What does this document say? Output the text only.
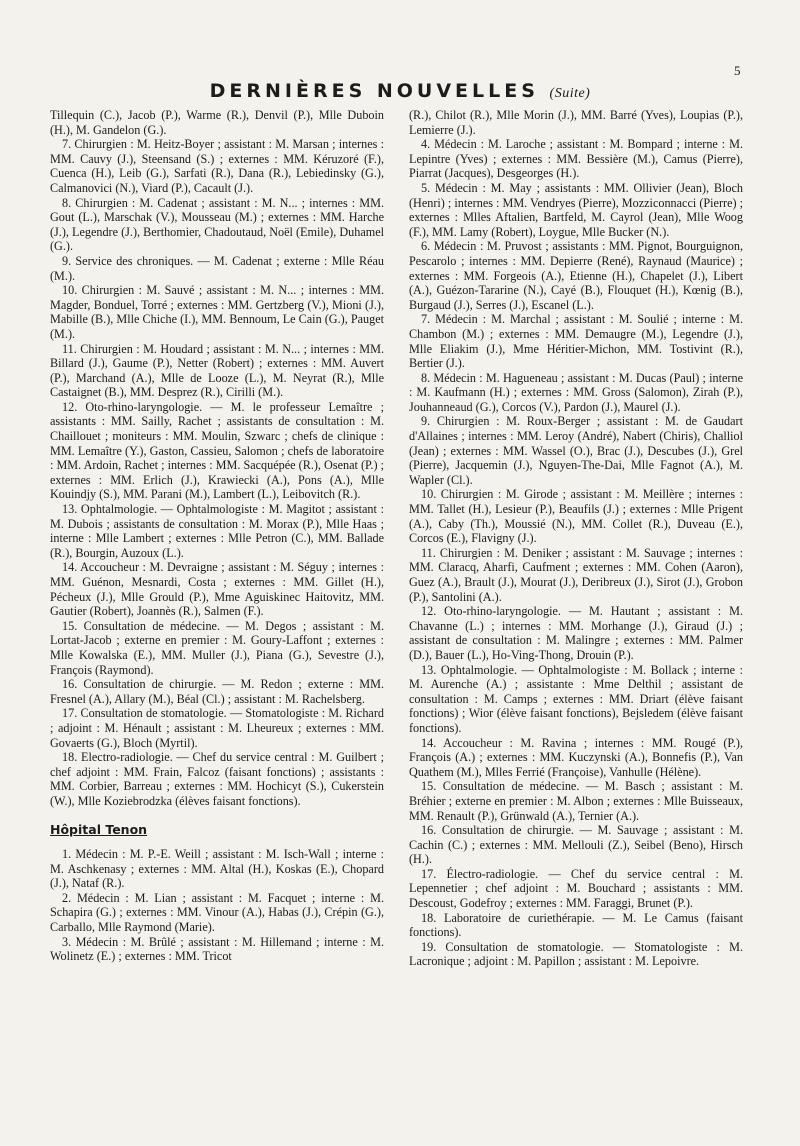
5
DERNIÈRES NOUVELLES (Suite)

Tillequin (C.), Jacob (P.), Warme (R.), Denvil (P.), Mlle Duboin (H.), M. Gandelon (G.).

7. Chirurgien : M. Heitz-Boyer ; assistant : M. Marsan ; internes : MM. Cauvy (J.), Steensand (S.) ; externes : MM. Kéruzoré (F.), Cuenca (H.), Leib (G.), Sarfati (R.), Dana (R.), Lebiedinsky (G.), Calmanovici (N.), Viard (P.), Cacault (J.).

8. Chirurgien : M. Cadenat ; assistant : M. N... ; internes : MM. Gout (L.), Marschak (V.), Mousseau (M.) ; externes : MM. Harche (J.), Legendre (J.), Berthomier, Chadoutaud, Noël (Emile), Duhamel (G.).

9. Service des chroniques. — M. Cadenat ; externe : Mlle Réau (M.).

10. Chirurgien : M. Sauvé ; assistant : M. N... ; internes : MM. Magder, Bonduel, Torré ; externes : MM. Gertzberg (V.), Mioni (J.), Mabille (B.), Mlle Chiche (I.), MM. Bennoum, Le Cain (G.), Pauget (M.).

11. Chirurgien : M. Houdard ; assistant : M. N... ; internes : MM. Billard (J.), Gaume (P.), Netter (Robert) ; externes : MM. Auvert (P.), Marchand (A.), Mlle de Looze (L.), M. Neyrat (R.), Mlle Castaignet (B.), MM. Desprez (R.), Cirilli (M.).

12. Oto-rhino-laryngologie. — M. le professeur Lemaître ; assistants : MM. Sailly, Rachet ; assistants de consultation : M. Chaillouet ; moniteurs : MM. Moulin, Szwarc ; chefs de clinique : MM. Lemaître (Y.), Gaston, Cassieu, Salomon ; chefs de laboratoire : MM. Ardoin, Rachet ; internes : MM. Sacquépée (R.), Osenat (P.) ; externes : MM. Erlich (J.), Krawiecki (A.), Pons (A.), Mlle Kouindjy (S.), MM. Parani (M.), Lambert (L.), Leibovitch (R.).

13. Ophtalmologie. — Ophtalmologiste : M. Magitot ; assistant : M. Dubois ; assistants de consultation : M. Morax (P.), Mlle Haas ; interne : Mlle Lambert ; externes : Mlle Petron (C.), MM. Ballade (R.), Bourgin, Auzoux (L.).

14. Accoucheur : M. Devraigne ; assistant : M. Séguy ; internes : MM. Guénon, Mesnardi, Costa ; externes : MM. Gillet (H.), Pécheux (J.), Mlle Grould (P.), Mme Aguiskinec Haitovitz, MM. Gautier (Robert), Joannès (R.), Salmen (F.).

15. Consultation de médecine. — M. Degos ; assistant : M. Lortat-Jacob ; externe en premier : M. Goury-Laffont ; externes : Mlle Kowalska (E.), MM. Muller (J.), Piana (G.), Sevestre (J.), François (Raymond).

16. Consultation de chirurgie. — M. Redon ; externe : MM. Fresnel (A.), Allary (M.), Béal (Cl.) ; assistant : M. Rachelsberg.

17. Consultation de stomatologie. — Stomatologiste : M. Richard ; adjoint : M. Hénault ; assistant : M. Lheureux ; externes : MM. Govaerts (G.), Bloch (Myrtil).

18. Electro-radiologie. — Chef du service central : M. Guilbert ; chef adjoint : MM. Frain, Falcoz (faisant fonctions) ; assistants : MM. Corbier, Barreau ; externes : MM. Hochicyt (S.), Cukerstein (W.), Mlle Koziebrodzka (élèves faisant fonctions).

Hôpital Tenon

1. Médecin : M. P.-E. Weill ; assistant : M. Isch-Wall ; interne : M. Aschkenasy ; externes : MM. Altal (H.), Koskas (E.), Chopard (J.), Nataf (R.).

2. Médecin : M. Lian ; assistant : M. Facquet ; interne : M. Schapira (G.) ; externes : MM. Vinour (A.), Habas (J.), Crépin (G.), Carballo, Mlle Raymond (Marie).

3. Médecin : M. Brûlé ; assistant : M. Hillemand ; interne : M. Wolinetz (E.) ; externes : MM. Tricot

(R.), Chilot (R.), Mlle Morin (J.), MM. Barré (Yves), Loupias (P.), Lemierre (J.).

4. Médecin : M. Laroche ; assistant : M. Bompard ; interne : M. Lepintre (Yves) ; externes : MM. Bessière (M.), Camus (Pierre), Piarrat (Jacques), Desgeorges (H.).

5. Médecin : M. May ; assistants : MM. Ollivier (Jean), Bloch (Henri) ; internes : MM. Vendryes (Pierre), Mozziconnacci (Pierre) ; externes : Mlles Aftalien, Bartfeld, M. Cayrol (Jean), Mlle Woog (F.), MM. Lamy (Robert), Loygue, Mlle Bucker (N.).

6. Médecin : M. Pruvost ; assistants : MM. Pignot, Bourguignon, Pescarolo ; internes : MM. Depierre (René), Raynaud (Maurice) ; externes : MM. Forgeois (A.), Etienne (H.), Chapelet (J.), Libert (A.), Guézon-Tararine (N.), Cayé (B.), Flouquet (H.), Kœnig (B.), Burgaud (J.), Serres (J.), Escanel (L.).

7. Médecin : M. Marchal ; assistant : M. Soulié ; interne : M. Chambon (M.) ; externes : MM. Demaugre (M.), Legendre (J.), Mlle Eliakim (J.), Mme Héritier-Michon, MM. Tostivint (R.), Bertier (J.).

8. Médecin : M. Hagueneau ; assistant : M. Ducas (Paul) ; interne : M. Kaufmann (H.) ; externes : MM. Gross (Salomon), Zirah (P.), Jouhanneaud (G.), Corcos (V.), Pardon (J.), Maurel (J.).

9. Chirurgien : M. Roux-Berger ; assistant : M. de Gaudart d'Allaines ; internes : MM. Leroy (André), Nabert (Chiris), Challiol (Jean) ; externes : MM. Wassel (O.), Brac (J.), Descubes (J.), Grel (Pierre), Jacquemin (J.), Nguyen-The-Dai, Mlle Fagnot (A.), M. Wapler (Cl.).

10. Chirurgien : M. Girode ; assistant : M. Meillère ; internes : MM. Tallet (H.), Lesieur (P.), Beaufils (J.) ; externes : Mlle Prigent (A.), Caby (Th.), Moussié (N.), MM. Collet (R.), Duveau (E.), Corcos (E.), Flavigny (J.).

11. Chirurgien : M. Deniker ; assistant : M. Sauvage ; internes : MM. Claracq, Aharfi, Caufment ; externes : MM. Cohen (Aaron), Guez (A.), Brault (J.), Mourat (J.), Deribreux (J.), Sirot (J.), Grobon (P.), Santolini (A.).

12. Oto-rhino-laryngologie. — M. Hautant ; assistant : M. Chavanne (L.) ; internes : MM. Morhange (J.), Giraud (J.) ; assistant de consultation : M. Malingre ; externes : MM. Palmer (D.), Bauer (L.), Ho-Ving-Thong, Drouin (P.).

13. Ophtalmologie. — Ophtalmologiste : M. Bollack ; interne : M. Aurenche (A.) ; assistante : Mme Delthil ; assistant de consultation : M. Camps ; externes : MM. Driart (élève faisant fonctions) ; Wior (élève faisant fonctions), Bejsledem (élève faisant fonctions).

14. Accoucheur : M. Ravina ; internes : MM. Rougé (P.), François (A.) ; externes : MM. Kuczynski (A.), Bonnefis (P.), Van Quathem (M.), Mlles Ferrié (Françoise), Vanhulle (Hélène).

15. Consultation de médecine. — M. Basch ; assistant : M. Bréhier ; externe en premier : M. Albon ; externes : Mlle Buisseaux, MM. Renault (P.), Grünwald (A.), Ternier (A.).

16. Consultation de chirurgie. — M. Sauvage ; assistant : M. Cachin (C.) ; externes : MM. Mellouli (Z.), Seibel (Beno), Hirsch (H.).

17. Électro-radiologie. — Chef du service central : M. Lepennetier ; chef adjoint : M. Bouchard ; assistants : MM. Descoust, Godefroy ; externes : MM. Faraggi, Brunet (P.).

18. Laboratoire de curiethérapie. — M. Le Camus (faisant fonctions).

19. Consultation de stomatologie. — Stomatologiste : M. Lacronique ; adjoint : M. Papillon ; assistant : M. Lepoivre.
